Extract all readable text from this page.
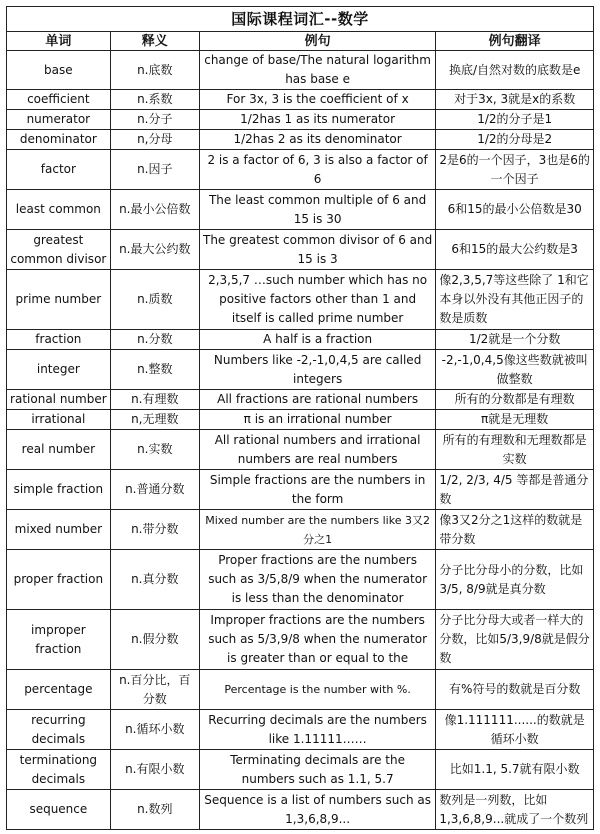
国际课程词汇--数学			
单词	释义	例句	例句翻译
base	n.底数	change of base/The natural logarithm has base e	换底/自然对数的底数是e
coefficient	n.系数	For 3x, 3 is the coefficient of x	对于3x, 3就是x的系数
numerator	n.分子	1/2has 1 as its numerator	1/2的分子是1
denominator	n,分母	1/2has 2 as its denominator	1/2的分母是2
factor	n.因子	2 is a factor of 6, 3 is also a factor of 6	2是6的一个因子，3也是6的一个因子
least common	n.最小公倍数	The least common multiple of 6 and 15 is 30	6和15的最小公倍数是30
greatest common divisor	n.最大公约数	The greatest common divisor of 6 and 15 is 3	6和15的最大公约数是3
prime number	n.质数	2,3,5,7 …such number which has no positive factors other than 1 and itself is called prime number	像2,3,5,7等这些除了 1和它本身以外没有其他正因子的数是质数
fraction	n.分数	A half is a fraction	1/2就是一个分数
integer	n.整数	Numbers like -2,-1,0,4,5 are called integers	-2,-1,0,4,5像这些数就被叫做整数
rational number	n.有理数	All fractions are rational numbers	所有的分数都是有理数
irrational	n,无理数	π is an irrational number	π就是无理数
real number	n.实数	All rational numbers and irrational numbers are real numbers	所有的有理数和无理数都是实数
simple fraction	n.普通分数	Simple fractions are the numbers in the form	1/2, 2/3, 4/5 等都是普通分数
mixed number	n.带分数	Mixed number are the numbers like 3又2分之1	像3又2分之1这样的数就是带分数
proper fraction	n.真分数	Proper fractions are the numbers such as 3/5,8/9 when the numerator is less than the denominator	分子比分母小的分数，比如3/5, 8/9就是真分数
improper fraction	n.假分数	Improper fractions are the numbers such as 5/3,9/8 when the numerator is greater than or equal to the	分子比分母大或者一样大的分数，比如5/3,9/8就是假分数
percentage	n.百分比，百分数	Percentage is the number with %.	有%符号的数就是百分数
recurring decimals	n.循环小数	Recurring decimals are the numbers like 1.11111……	像1.111111......的数就是循环小数
terminationg decimals	n.有限小数	Terminating decimals are the numbers such as 1.1, 5.7	比如1.1, 5.7就有限小数
sequence	n.数列	Sequence is a list of numbers such as 1,3,6,8,9...	数列是一列数，比如1,3,6,8,9...就成了一个数列
